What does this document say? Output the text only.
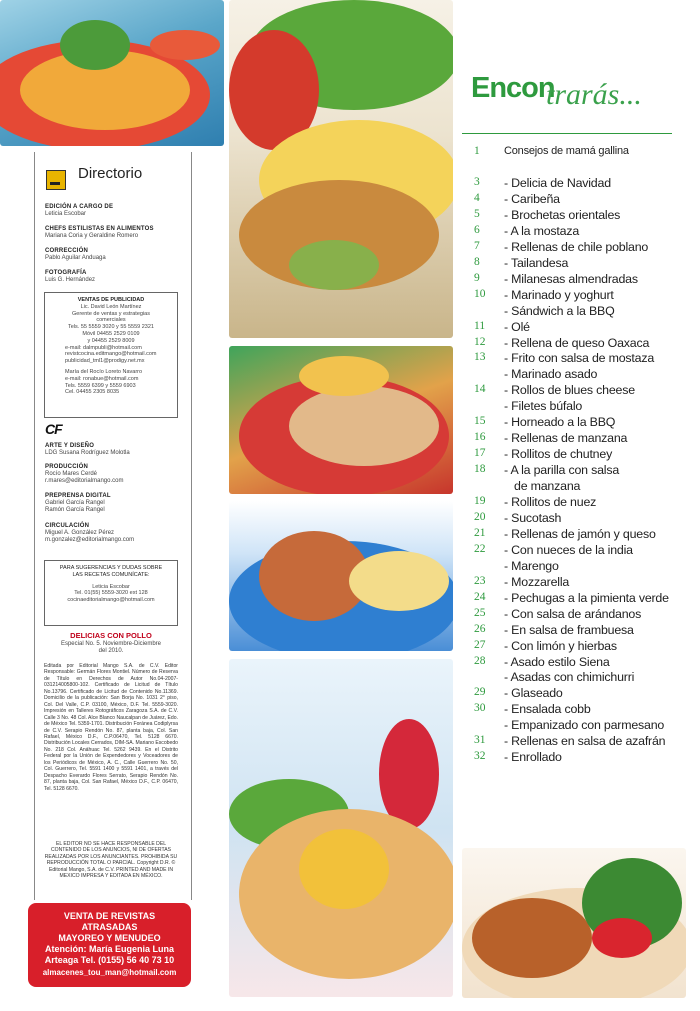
Directorio
EDICIÓN A CARGO DE
Leticia Escobar
CHEFS ESTILISTAS EN ALIMENTOS
Mariana Coria y Geraldine Romero
CORRECCIÓN
Pablo Aguilar Anduaga
FOTOGRAFÍA
Luis G. Hernández
VENTAS DE PUBLICIDAD
Lic. David León Martínez
Gerente de ventas y estrategias
comerciales
Tels. 55 5559 3020 y 55 5559 2321
Móvil 04455 2529 0109
y 04455 2529 8009
e-mail: dalmpubli@hotmail.com
revistcocina.editmango@hotmail.com
publicidad_tml1@prodigy.net.mx
María del Rocío Loreto Navarro
e-mail: ronabue@hotmail.com
Tels. 5559 6399 y 5559 6903
Cel. 04455 2305 8035
CF
ARTE Y DISEÑO
LDG Susana Rodríguez Molotla
PRODUCCIÓN
Rocío Mares Cerdé
r.mares@editorialmango.com
PREPRENSA DIGITAL
Gabriel García Rangel
Ramón García Rangel
CIRCULACIÓN
Miguel A. González Pérez
m.gonzalez@editorialmango.com
PARA SUGERENCIAS Y DUDAS SOBRE
LAS RECETAS COMUNÍCATE:
Leticia Escobar
Tel. 01(55) 5559-3020 ext 128
cocinaeditorialmango@hotmail.com
DELICIAS CON POLLO
Especial No. 5. Noviembre-Diciembre
del 2010.
Editada por Editorial Mango S.A. de C.V. Editor Responsable: Germán Flores Montiel. Número de Reserva de Título en Derechos de Autor No.04-2007-031214005800-102. Certificado de Licitud de Título No.13796. Certificado de Licitud de Contenido No.11369. Domicilio de la publicación: San Borja No. 1031 2° piso, Col. Del Valle, C.P. 03100, México, D.F. Tel. 5559-3020. Impresión en Talleres Rotográficos Zaragoza S.A. de C.V. Calle 3 No. 48 Col. Alce Blanco Naucalpan de Juárez, Edo. de México Tel. 5359-1701. Distribución Foránea Codiplyrsa de C.V. Serapio Rendón No. 87, planta baja, Col. San Rafael, México D.F., C.P.06470, Tel. 5128 6670. Distribución Locales Cerrados, DIM-SA. Mariano Escobedo No. 218 Col. Anáhuac Tel. 5262 9439. En el Distrito Federal por la Unión de Expendedores y Voceadores de los Periódicos de México, A. C., Calle Guerrero No. 50, Col. Guerrero, Tel. 5591 1400 y 5591 1401, a través del Despacho Everardo Flores Serrato, Serapio Rendón No. 87, planta baja, Col. San Rafael, México D.F., C.P. 06470, Tel. 5128 6670.
EL EDITOR NO SE HACE RESPONSABLE DEL CONTENIDO DE LOS ANUNCIOS, NI DE OFERTAS REALIZADAS POR LOS ANUNCIANTES. PROHIBIDA SU REPRODUCCIÓN TOTAL O PARCIAL. Copyright D.R. © Editorial Mango, S.A. de C.V. PRINTED AND MADE IN MEXICO IMPRESA Y EDITADA EN MÉXICO.
VENTA DE REVISTAS
ATRASADAS
MAYOREO Y MENUDEO
Atención: María Eugenia Luna
Arteaga Tel. (0155) 56 40 73 10
almacenes_tou_man@hotmail.com
Encon
trarás...
1	Consejos de mamá gallina
3	- Delicia de Navidad
4	- Caribeña
5	- Brochetas orientales
6	- A la mostaza
7	- Rellenas de chile poblano
8	- Tailandesa
9	- Milanesas almendradas
10	- Marinado y yoghurt
- Sándwich a la BBQ
11	- Olé
12	- Rellena de queso Oaxaca
13	- Frito con salsa de mostaza
- Marinado asado
14	- Rollos de blues cheese
- Filetes búfalo
15	- Horneado a la BBQ
16	- Rellenas de manzana
17	- Rollitos de chutney
18	- A la parilla con salsa
de manzana
19	- Rollitos de nuez
20	- Sucotash
21	- Rellenas de jamón y queso
22	- Con nueces de la india
- Marengo
23	- Mozzarella
24	- Pechugas a la pimienta verde
25	- Con salsa de arándanos
26	- En salsa de frambuesa
27	- Con limón y hierbas
28	- Asado estilo Siena
- Asadas con chimichurri
29	- Glaseado
30	- Ensalada cobb
- Empanizado con parmesano
31	- Rellenas en salsa de azafrán
32	- Enrollado
